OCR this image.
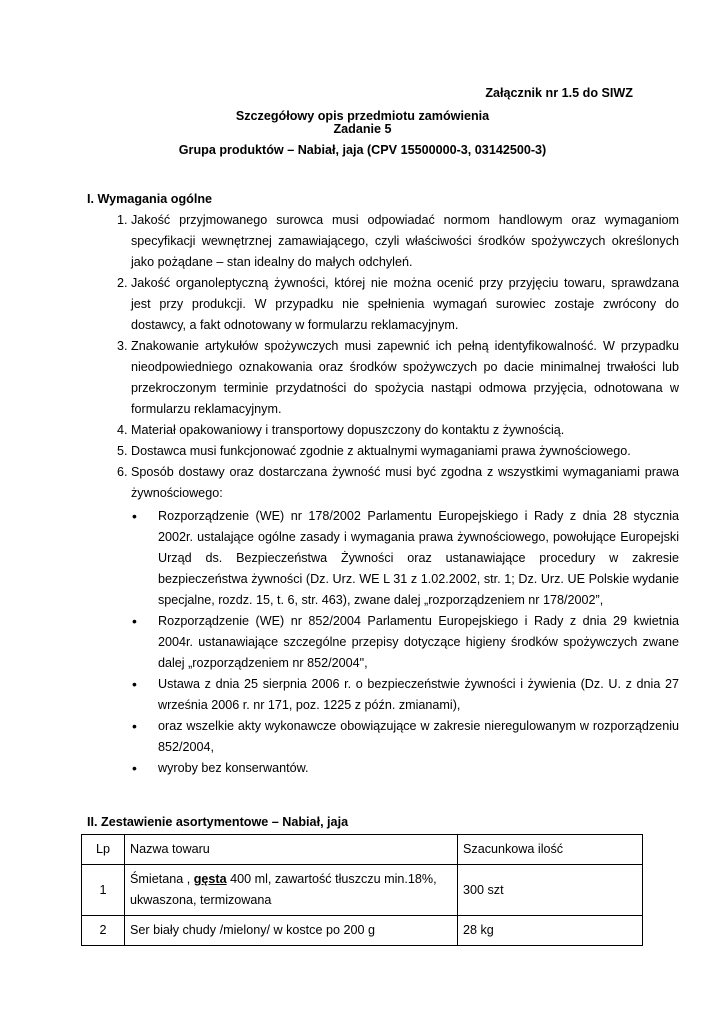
Załącznik nr 1.5 do SIWZ
Szczegółowy opis przedmiotu zamówienia
Zadanie 5
Grupa produktów – Nabiał, jaja (CPV 15500000-3, 03142500-3)
I. Wymagania ogólne
1. Jakość przyjmowanego surowca musi odpowiadać normom handlowym oraz wymaganiom specyfikacji wewnętrznej zamawiającego, czyli właściwości środków spożywczych określonych jako pożądane – stan idealny do małych odchyleń.
2. Jakość organoleptyczną żywności, której nie można ocenić przy przyjęciu towaru, sprawdzana jest przy produkcji. W przypadku nie spełnienia wymagań surowiec zostaje zwrócony do dostawcy, a fakt odnotowany w formularzu reklamacyjnym.
3. Znakowanie artykułów spożywczych musi zapewnić ich pełną identyfikowalność. W przypadku nieodpowiedniego oznakowania oraz środków spożywczych po dacie minimalnej trwałości lub przekroczonym terminie przydatności do spożycia nastąpi odmowa przyjęcia, odnotowana w formularzu reklamacyjnym.
4. Materiał opakowaniowy i transportowy dopuszczony do kontaktu z żywnością.
5. Dostawca musi funkcjonować zgodnie z aktualnymi wymaganiami prawa żywnościowego.
6. Sposób dostawy oraz dostarczana żywność musi być zgodna z wszystkimi wymaganiami prawa żywnościowego:
• Rozporządzenie (WE) nr 178/2002 Parlamentu Europejskiego i Rady z dnia 28 stycznia 2002r. ustalające ogólne zasady i wymagania prawa żywnościowego, powołujące Europejski Urząd ds. Bezpieczeństwa Żywności oraz ustanawiające procedury w zakresie bezpieczeństwa żywności (Dz. Urz. WE L 31 z 1.02.2002, str. 1; Dz. Urz. UE Polskie wydanie specjalne, rozdz. 15, t. 6, str. 463), zwane dalej „rozporządzeniem nr 178/2002”,
• Rozporządzenie (WE) nr 852/2004 Parlamentu Europejskiego i Rady z dnia 29 kwietnia 2004r. ustanawiające szczególne przepisy dotyczące higieny środków spożywczych zwane dalej „rozporządzeniem nr 852/2004",
• Ustawa z dnia 25 sierpnia 2006 r. o bezpieczeństwie żywności i żywienia (Dz. U. z dnia 27 września 2006 r. nr 171, poz. 1225 z późn. zmianami),
• oraz wszelkie akty wykonawcze obowiązujące w zakresie nieregulowanym w rozporządzeniu 852/2004,
• wyroby bez konserwantów.
II. Zestawienie asortymentowe – Nabiał, jaja
Lp	Nazwa towaru	Szacunkowa ilość
1	Śmietana , gęsta 400 ml, zawartość tłuszczu min.18%, ukwaszona, termizowana	300 szt
2	Ser biały chudy /mielony/ w kostce po 200 g	28 kg
